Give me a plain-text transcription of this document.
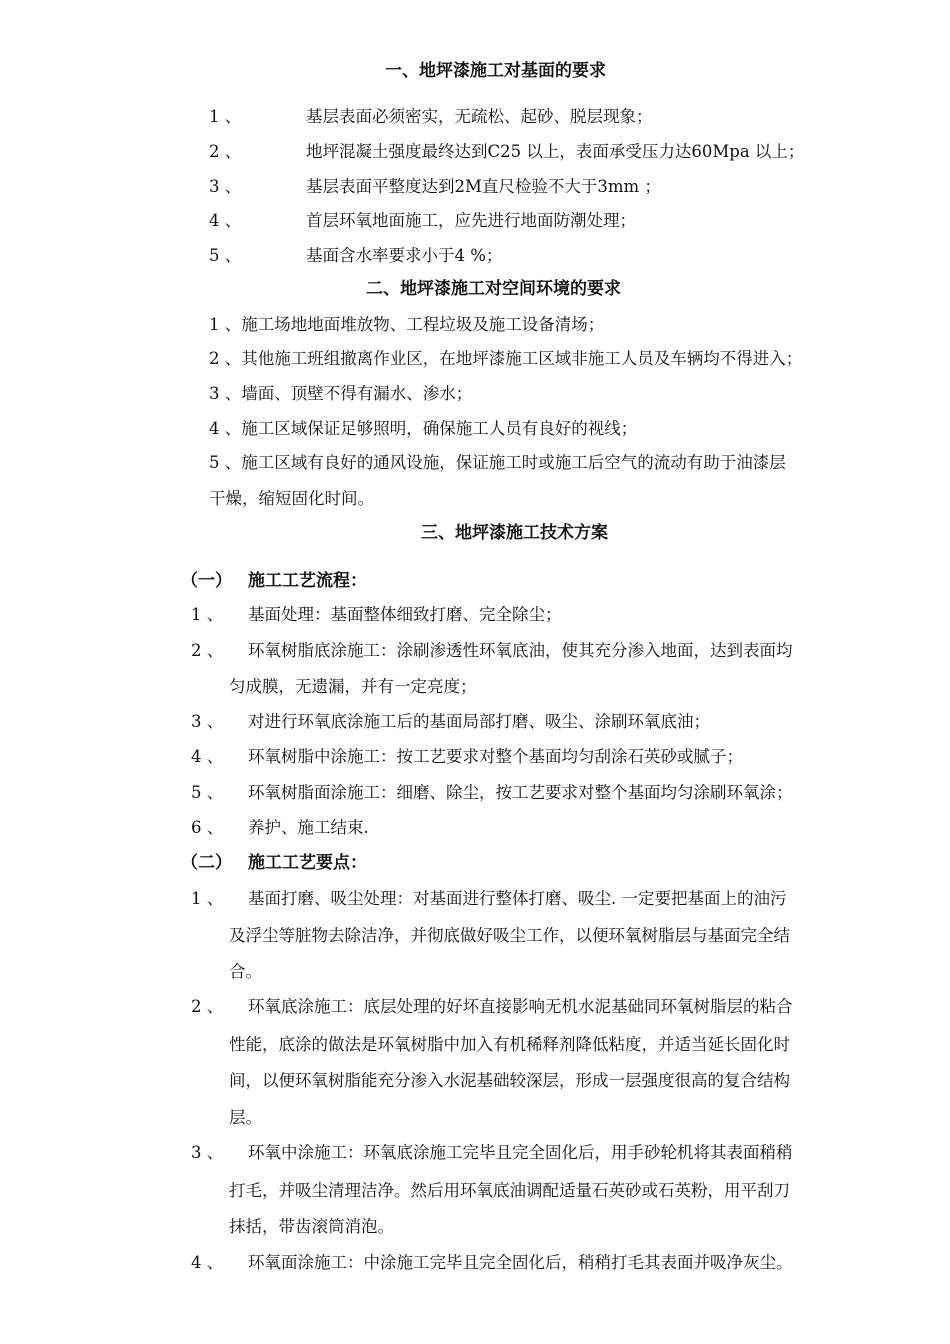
一、地坪漆施工对基面的要求
1 、	基层表面必须密实，无疏松、起砂、脱层现象；
2 、	地坪混凝土强度最终达到C25 以上，表面承受压力达60Mpa 以上；
3 、	基层表面平整度达到2M直尺检验不大于3mm ；
4 、	首层环氧地面施工，应先进行地面防潮处理；
5 、	基面含水率要求小于4 %；
二、地坪漆施工对空间环境的要求
1 、施工场地地面堆放物、工程垃圾及施工设备清场；
2 、其他施工班组撤离作业区，在地坪漆施工区域非施工人员及车辆均不得进入；
3 、墙面、顶壁不得有漏水、渗水；
4 、施工区域保证足够照明，确保施工人员有良好的视线；
5 、施工区域有良好的通风设施，保证施工时或施工后空气的流动有助于油漆层
干燥，缩短固化时间。
三、地坪漆施工技术方案
（一） 施工工艺流程：
1 、 基面处理：基面整体细致打磨、完全除尘；
2 、 环氧树脂底涂施工：涂刷渗透性环氧底油，使其充分渗入地面，达到表面均
匀成膜，无遗漏，并有一定亮度；
3 、 对进行环氧底涂施工后的基面局部打磨、吸尘、涂刷环氧底油；
4 、 环氧树脂中涂施工：按工艺要求对整个基面均匀刮涂石英砂或腻子；
5 、 环氧树脂面涂施工：细磨、除尘，按工艺要求对整个基面均匀涂刷环氧涂；
6 、 养护、施工结束.
（二） 施工工艺要点：
1 、 基面打磨、吸尘处理：对基面进行整体打磨、吸尘. 一定要把基面上的油污
及浮尘等脏物去除洁净，并彻底做好吸尘工作，以便环氧树脂层与基面完全结
合。
2 、 环氧底涂施工：底层处理的好坏直接影响无机水泥基础同环氧树脂层的粘合
性能，底涂的做法是环氧树脂中加入有机稀释剂降低粘度，并适当延长固化时
间，以便环氧树脂能充分渗入水泥基础较深层，形成一层强度很高的复合结构
层。
3 、 环氧中涂施工：环氧底涂施工完毕且完全固化后，用手砂轮机将其表面稍稍
打毛，并吸尘清理洁净。然后用环氧底油调配适量石英砂或石英粉，用平刮刀
抹括，带齿滚筒消泡。
4 、 环氧面涂施工：中涂施工完毕且完全固化后，稍稍打毛其表面并吸净灰尘。
